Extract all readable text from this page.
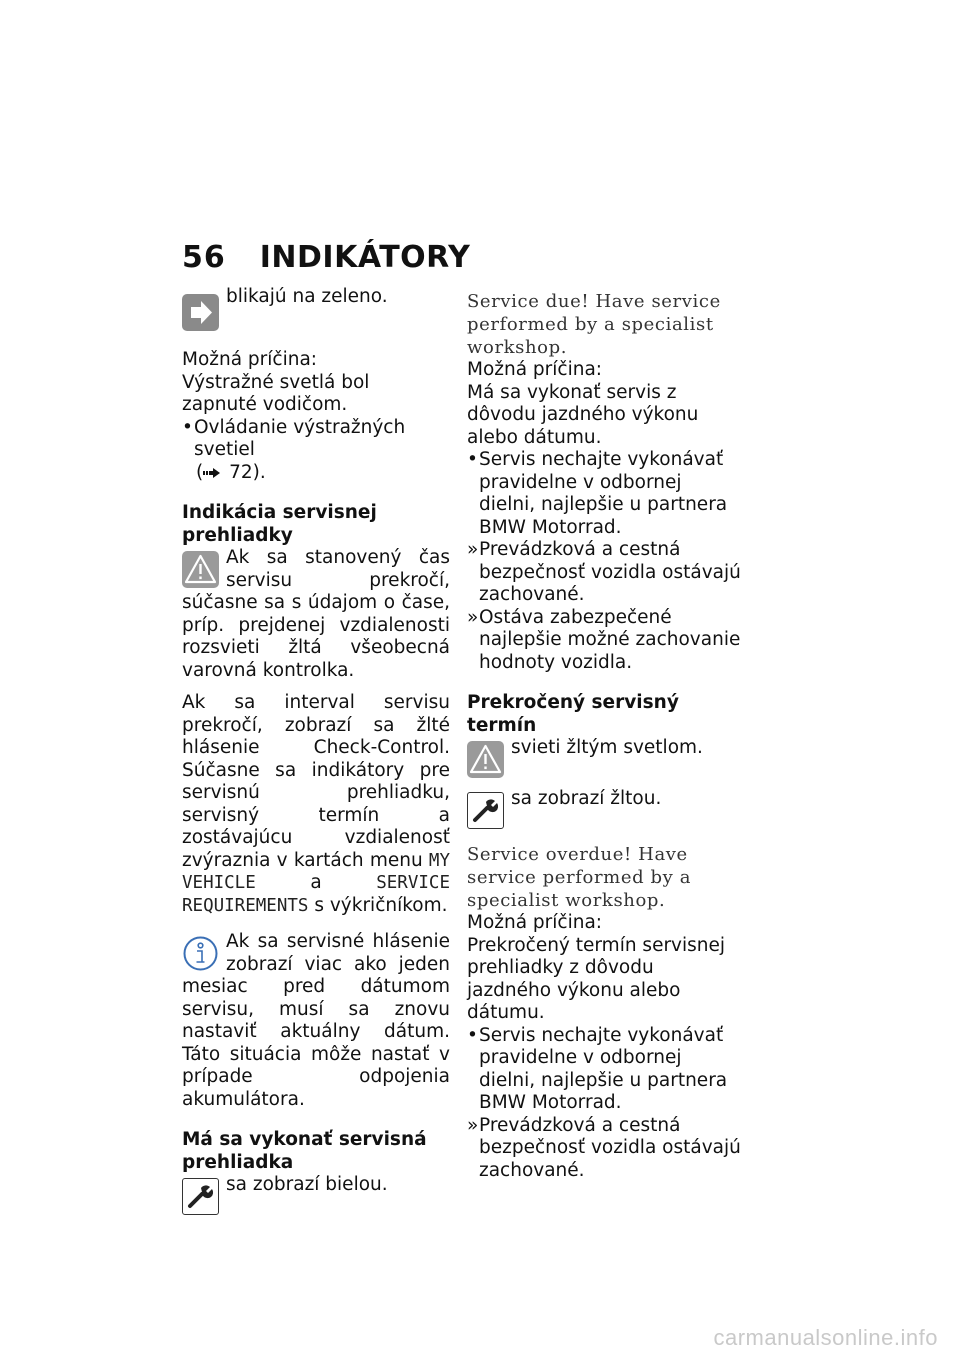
56 INDIKÁTORY

blikajú na zeleno.

Možná príčina:

Výstražné svetlá bol zapnuté vodičom.

• Ovládanie výstražných svetiel
( 72).

Indikácia servisnej prehliadky

Ak sa stanovený čas servisu prekročí, súčasne sa s údajom o čase, príp. prejdenej vzdialenosti rozsvieti žltá všeobecná varovná kontrolka.

Ak sa interval servisu prekročí, zobrazí sa žlté hlásenie Check-Control. Súčasne sa indikátory pre servisnú prehliadku, servisný termín a zostávajúcu vzdialenosť zvýraznia v kartách menu MY VEHICLE a SERVICE REQUIREMENTS s výkričníkom.

Ak sa servisné hlásenie zobrazí viac ako jeden mesiac pred dátumom servisu, musí sa znovu nastaviť aktuálny dátum. Táto situácia môže nastať v prípade odpojenia akumulátora.

Má sa vykonať servisná prehliadka

sa zobrazí bielou.

Service due! Have service performed by a specialist workshop.

Možná príčina:

Má sa vykonať servis z dôvodu jazdného výkonu alebo dátumu.

• Servis nechajte vykonávať pravidelne v odbornej dielni, najlepšie u partnera BMW Motorrad.
» Prevádzková a cestná bezpečnosť vozidla ostávajú zachované.
» Ostáva zabezpečené najlepšie možné zachovanie hodnoty vozidla.

Prekročený servisný termín

svieti žltým svetlom.

sa zobrazí žltou.

Service overdue! Have service performed by a specialist workshop.

Možná príčina:

Prekročený termín servisnej prehliadky z dôvodu jazdného výkonu alebo dátumu.

• Servis nechajte vykonávať pravidelne v odbornej dielni, najlepšie u partnera BMW Motorrad.
» Prevádzková a cestná bezpečnosť vozidla ostávajú zachované.
carmanualsonline.info
